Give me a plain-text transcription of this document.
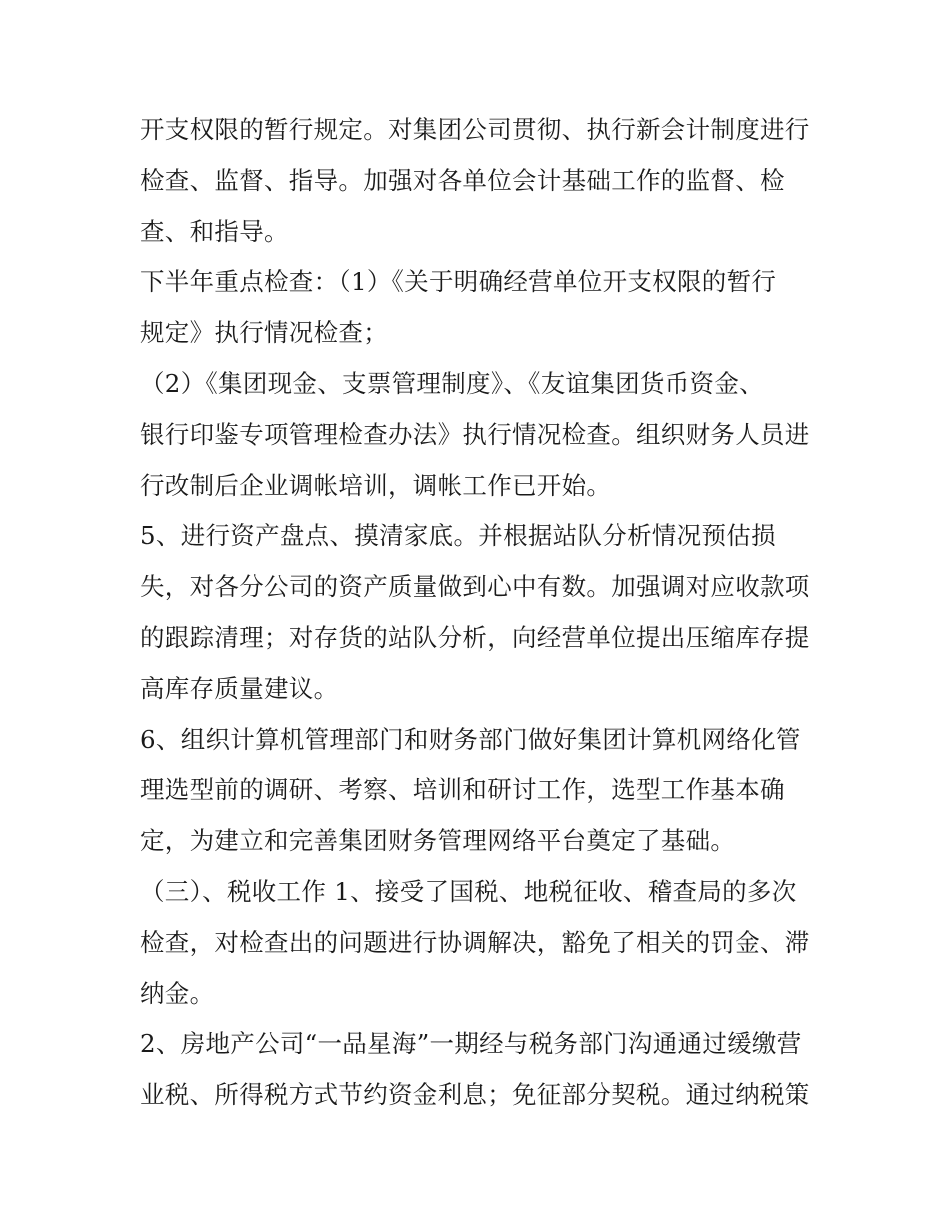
开支权限的暂行规定。对集团公司贯彻、执行新会计制度进行
检查、监督、指导。加强对各单位会计基础工作的监督、检
查、和指导。
下半年重点检查：（1）《关于明确经营单位开支权限的暂行
规定》执行情况检查；
（2）《集团现金、支票管理制度》、《友谊集团货币资金、
银行印鉴专项管理检查办法》执行情况检查。组织财务人员进
行改制后企业调帐培训，调帐工作已开始。
5、进行资产盘点、摸清家底。并根据站队分析情况预估损
失，对各分公司的资产质量做到心中有数。加强调对应收款项
的跟踪清理；对存货的站队分析，向经营单位提出压缩库存提
高库存质量建议。
6、组织计算机管理部门和财务部门做好集团计算机网络化管
理选型前的调研、考察、培训和研讨工作，选型工作基本确
定，为建立和完善集团财务管理网络平台奠定了基础。
（三）、税收工作 1、接受了国税、地税征收、稽查局的多次
检查，对检查出的问题进行协调解决，豁免了相关的罚金、滞
纳金。
2、房地产公司“一品星海”一期经与税务部门沟通通过缓缴营
业税、所得税方式节约资金利息；免征部分契税。通过纳税策
